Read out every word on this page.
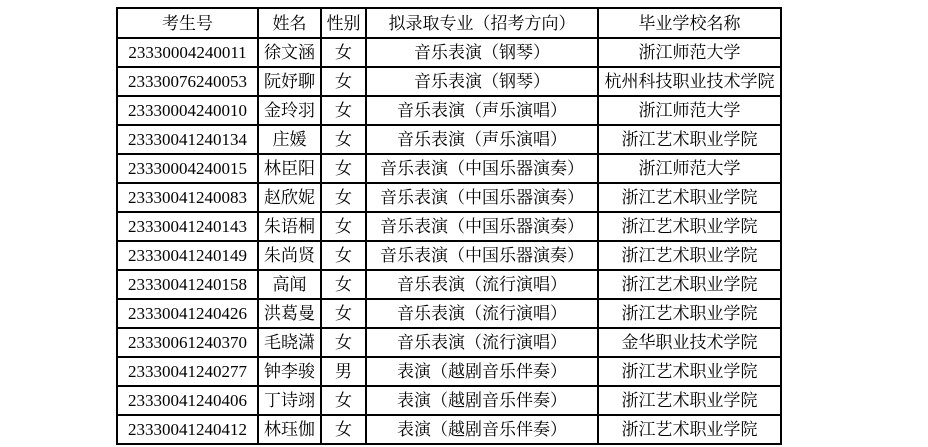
考生号	姓名	性别	拟录取专业（招考方向）	毕业学校名称
23330004240011	徐文涵	女	音乐表演（钢琴）	浙江师范大学
23330076240053	阮妤聊	女	音乐表演（钢琴）	杭州科技职业技术学院
23330004240010	金玲羽	女	音乐表演（声乐演唱）	浙江师范大学
23330041240134	庄媛	女	音乐表演（声乐演唱）	浙江艺术职业学院
23330004240015	林臣阳	女	音乐表演（中国乐器演奏）	浙江师范大学
23330041240083	赵欣妮	女	音乐表演（中国乐器演奏）	浙江艺术职业学院
23330041240143	朱语桐	女	音乐表演（中国乐器演奏）	浙江艺术职业学院
23330041240149	朱尚贤	女	音乐表演（中国乐器演奏）	浙江艺术职业学院
23330041240158	高闻	女	音乐表演（流行演唱）	浙江艺术职业学院
23330041240426	洪葛曼	女	音乐表演（流行演唱）	浙江艺术职业学院
23330061240370	毛晓潇	女	音乐表演（流行演唱）	金华职业技术学院
23330041240277	钟李骏	男	表演（越剧音乐伴奏）	浙江艺术职业学院
23330041240406	丁诗翊	女	表演（越剧音乐伴奏）	浙江艺术职业学院
23330041240412	林珏伽	女	表演（越剧音乐伴奏）	浙江艺术职业学院
